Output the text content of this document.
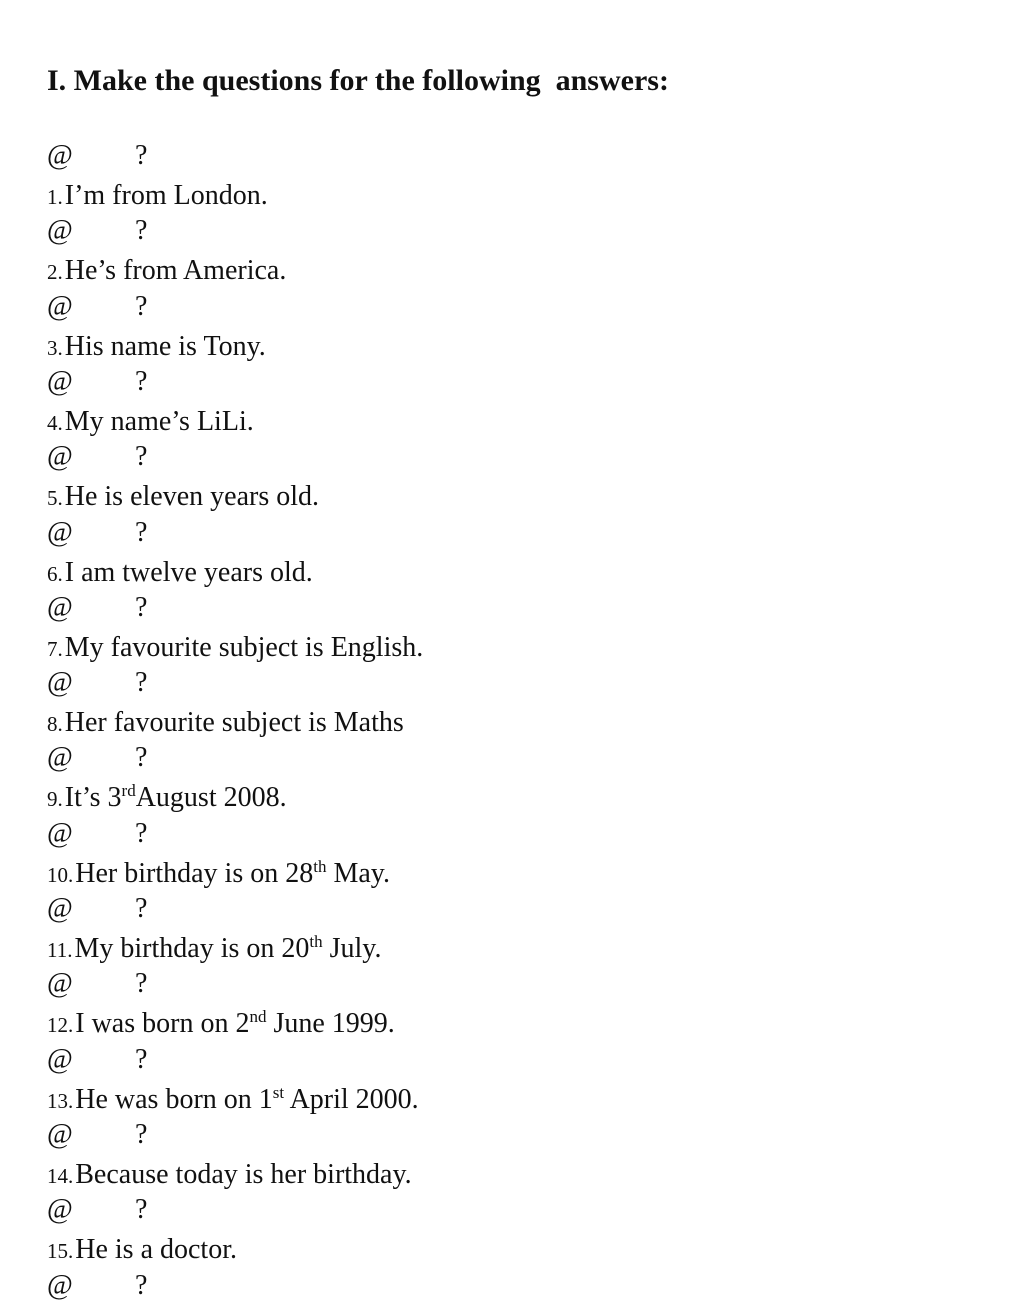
I. Make the questions for the following  answers:
@ ?
1.I’m from London.
@ ?
2.He’s from America.
@ ?
3.His name is Tony.
@ ?
4.My name’s LiLi.
@ ?
5.He is eleven years old.
@ ?
6.I am twelve years old.
@ ?
7.My favourite subject is English.
@ ?
8.Her favourite subject is Maths
@ ?
9.It’s 3rdAugust 2008.
@ ?
10.Her birthday is on 28th May.
@ ?
11.My birthday is on 20th July.
@ ?
12.I was born on 2nd June 1999.
@ ?
13.He was born on 1st April 2000.
@ ?
14.Because today is her birthday.
@ ?
15.He is a doctor.
@ ?
